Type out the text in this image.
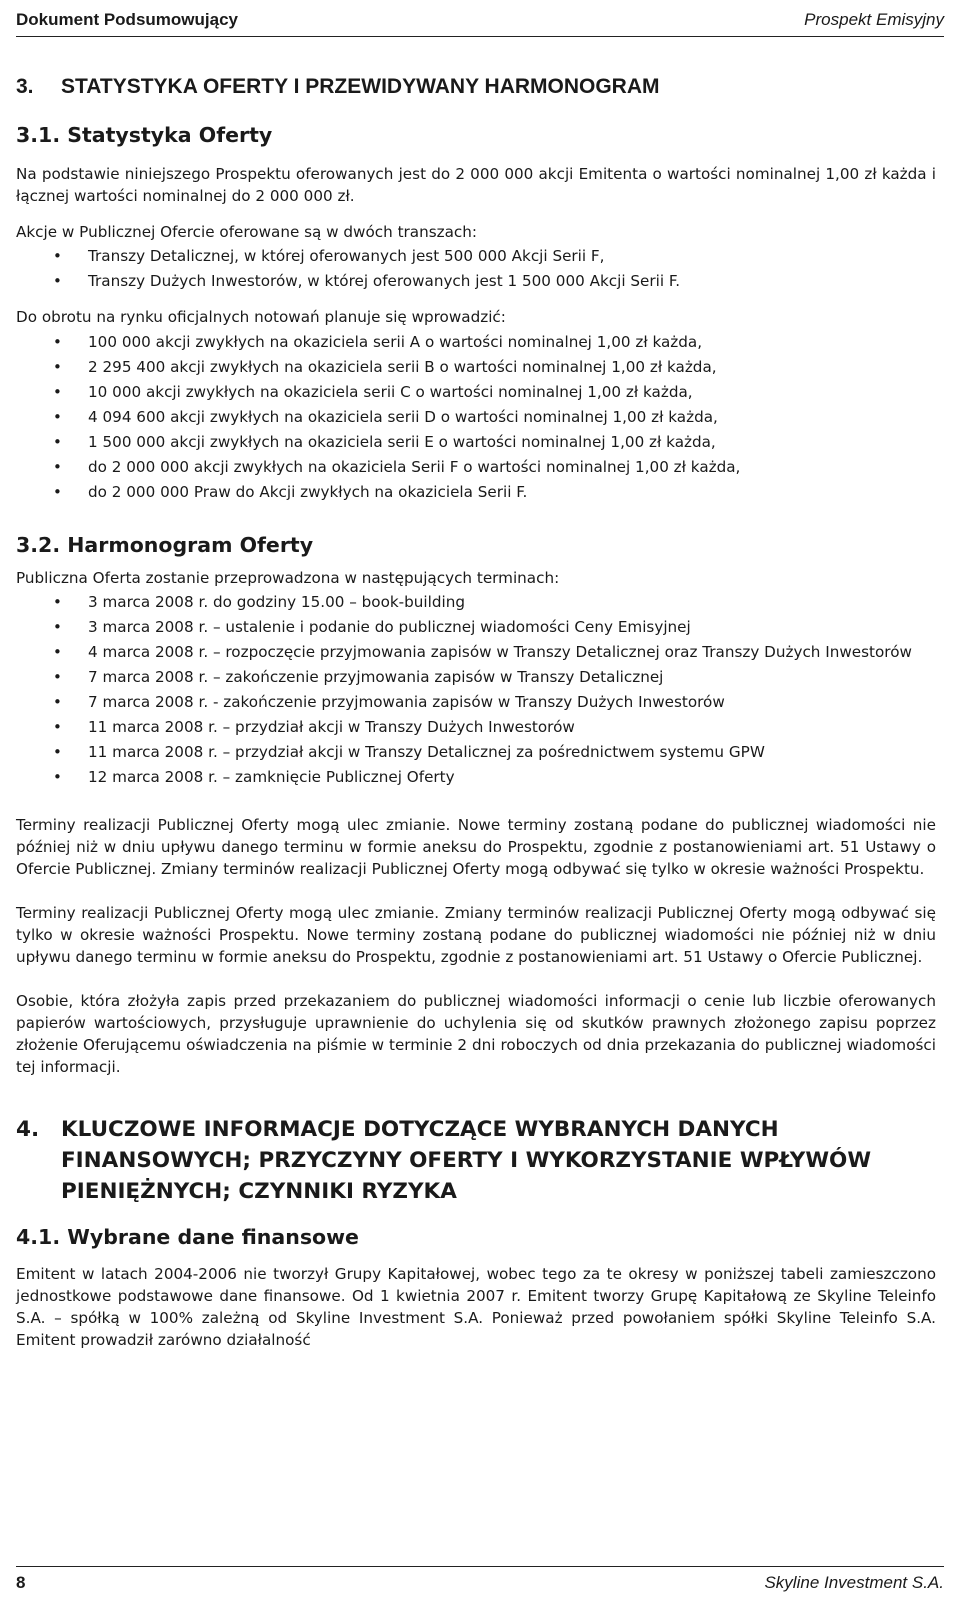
Dokument Podsumowujący	Prospekt Emisyjny
3.	STATYSTYKA OFERTY I PRZEWIDYWANY HARMONOGRAM
3.1. Statystyka Oferty

Na podstawie niniejszego Prospektu oferowanych jest do 2 000 000 akcji Emitenta o wartości nominalnej 1,00 zł każda i łącznej wartości nominalnej do 2 000 000 zł.

Akcje w Publicznej Ofercie oferowane są w dwóch transzach:

• Transzy Detalicznej, w której oferowanych jest 500 000 Akcji Serii F,
• Transzy Dużych Inwestorów, w której oferowanych jest 1 500 000 Akcji Serii F.

Do obrotu na rynku oficjalnych notowań planuje się wprowadzić:

• 100 000 akcji zwykłych na okaziciela serii A o wartości nominalnej 1,00 zł każda,
• 2 295 400 akcji zwykłych na okaziciela serii B o wartości nominalnej 1,00 zł każda,
• 10 000 akcji zwykłych na okaziciela serii C o wartości nominalnej 1,00 zł każda,
• 4 094 600 akcji zwykłych na okaziciela serii D o wartości nominalnej 1,00 zł każda,
• 1 500 000 akcji zwykłych na okaziciela serii E o wartości nominalnej 1,00 zł każda,
• do 2 000 000 akcji zwykłych na okaziciela Serii F o wartości nominalnej 1,00 zł każda,
• do 2 000 000 Praw do Akcji zwykłych na okaziciela Serii F.
3.2. Harmonogram Oferty

Publiczna Oferta zostanie przeprowadzona w następujących terminach:

• 3 marca 2008 r. do godziny 15.00 – book-building
• 3 marca 2008 r. – ustalenie i podanie do publicznej wiadomości Ceny Emisyjnej
• 4 marca 2008 r. – rozpoczęcie przyjmowania zapisów w Transzy Detalicznej oraz Transzy Dużych Inwestorów
• 7 marca 2008 r. – zakończenie przyjmowania zapisów w Transzy Detalicznej
• 7 marca 2008 r. - zakończenie przyjmowania zapisów w Transzy Dużych Inwestorów
• 11 marca 2008 r. – przydział akcji w Transzy Dużych Inwestorów
• 11 marca 2008 r. – przydział akcji w Transzy Detalicznej za pośrednictwem systemu GPW
• 12 marca 2008 r. – zamknięcie Publicznej Oferty

Terminy realizacji Publicznej Oferty mogą ulec zmianie. Nowe terminy zostaną podane do publicznej wiadomości nie później niż w dniu upływu danego terminu w formie aneksu do Prospektu, zgodnie z postanowieniami art. 51 Ustawy o Ofercie Publicznej. Zmiany terminów realizacji Publicznej Oferty mogą odbywać się tylko w okresie ważności Prospektu.

Terminy realizacji Publicznej Oferty mogą ulec zmianie. Zmiany terminów realizacji Publicznej Oferty mogą odbywać się tylko w okresie ważności Prospektu. Nowe terminy zostaną podane do publicznej wiadomości nie później niż w dniu upływu danego terminu w formie aneksu do Prospektu, zgodnie z postanowieniami art. 51 Ustawy o Ofercie Publicznej.

Osobie, która złożyła zapis przed przekazaniem do publicznej wiadomości informacji o cenie lub liczbie oferowanych papierów wartościowych, przysługuje uprawnienie do uchylenia się od skutków prawnych złożonego zapisu poprzez złożenie Oferującemu oświadczenia na piśmie w terminie 2 dni roboczych od dnia przekazania do publicznej wiadomości tej informacji.

4.	KLUCZOWE INFORMACJE DOTYCZĄCE WYBRANYCH DANYCH FINANSOWYCH; PRZYCZYNY OFERTY I WYKORZYSTANIE WPŁYWÓW PIENIĘŻNYCH; CZYNNIKI RYZYKA
4.1. Wybrane dane finansowe

Emitent w latach 2004-2006 nie tworzył Grupy Kapitałowej, wobec tego za te okresy w poniższej tabeli zamieszczono jednostkowe podstawowe dane finansowe. Od 1 kwietnia 2007 r. Emitent tworzy Grupę Kapitałową ze Skyline Teleinfo S.A. – spółką w 100% zależną od Skyline Investment S.A. Ponieważ przed powołaniem spółki Skyline Teleinfo S.A. Emitent prowadził zarówno działalność

8	Skyline Investment S.A.
